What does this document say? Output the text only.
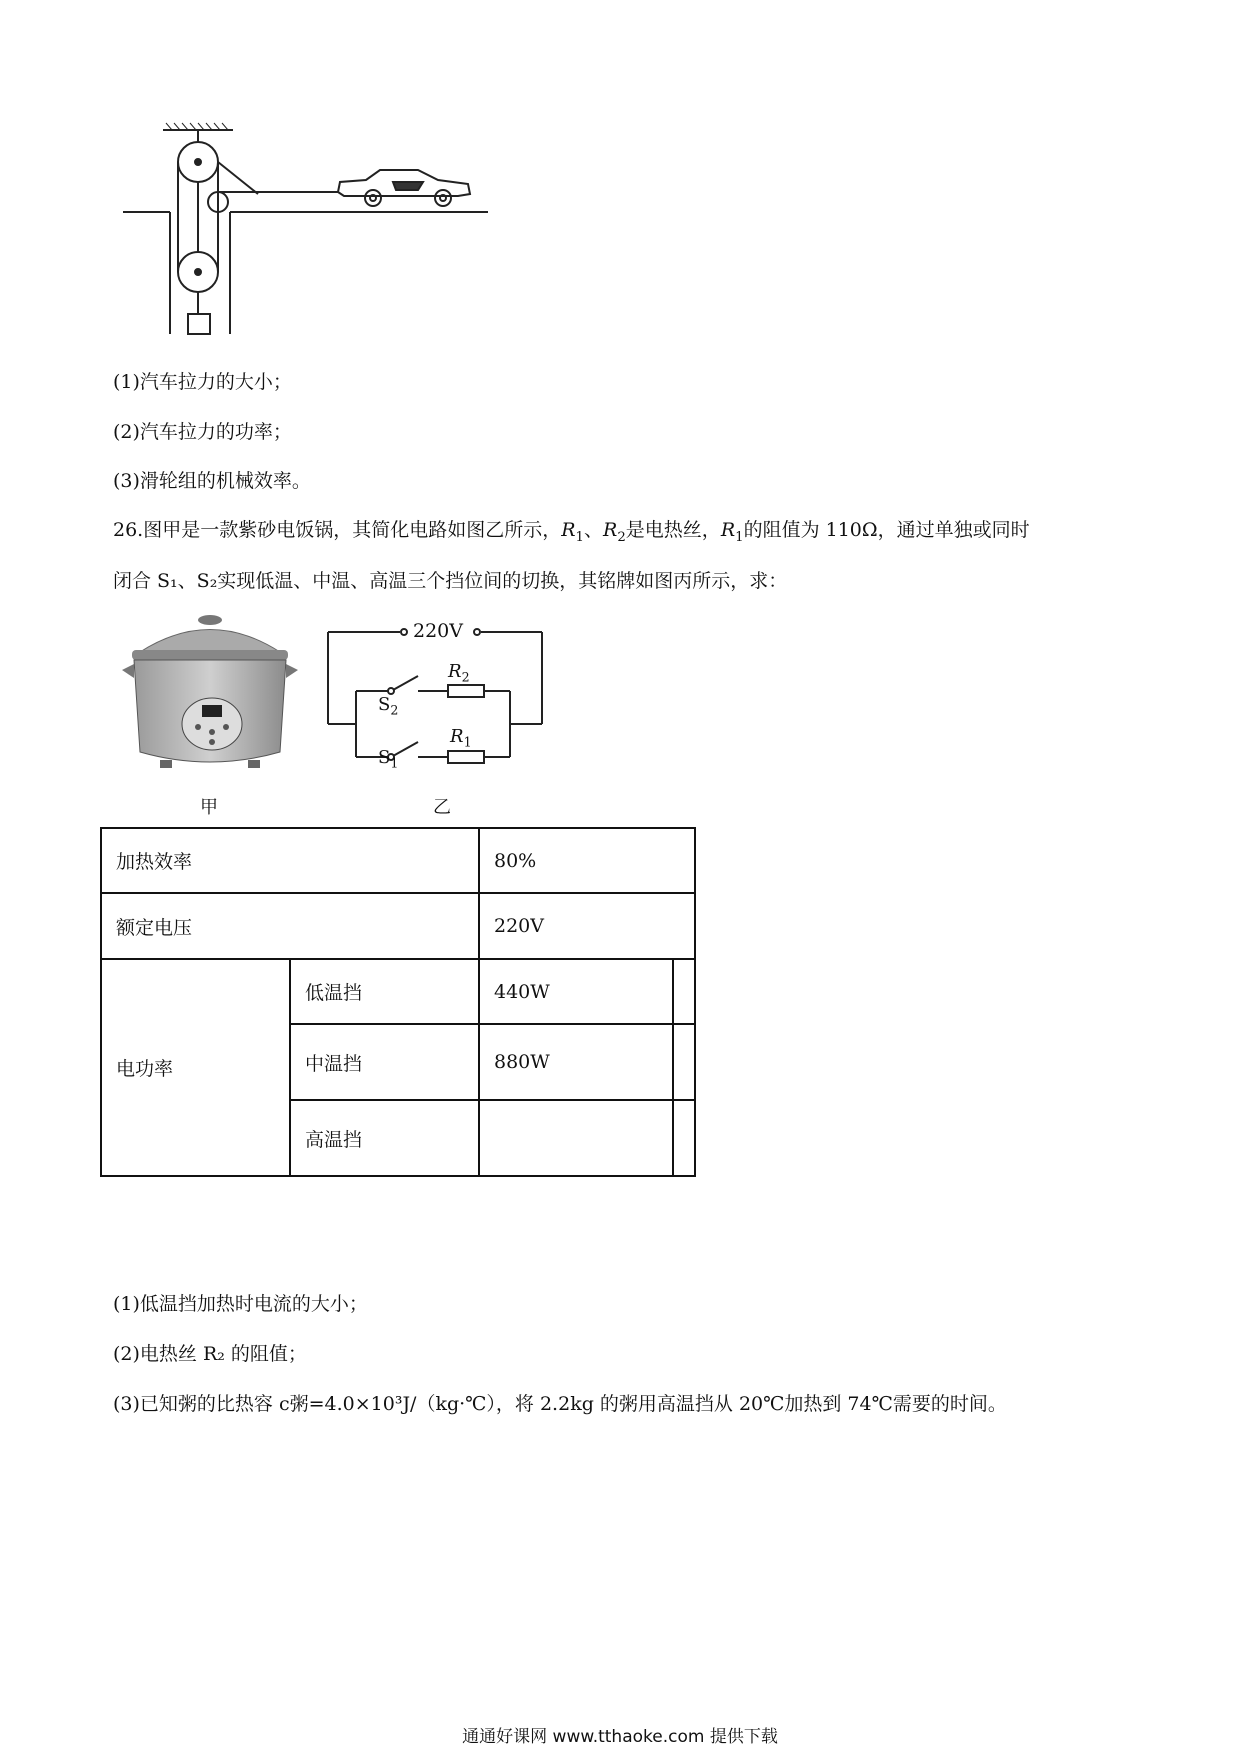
(1)汽车拉力的大小；
(2)汽车拉力的功率；
(3)滑轮组的机械效率。
26.图甲是一款紫砂电饭锅，其简化电路如图乙所示，$R_1$、$R_2$是电热丝，$R_1$的阻值为 110Ω，通过单独或同时
闭合 S₁、S₂实现低温、中温、高温三个挡位间的切换，其铭牌如图丙所示，求：
甲
220V
$R_2$
$S_2$
$R_1$
$S_1$
乙
加热效率		80%	
额定电压		220V	
电功率	低温挡	440W	
	中温挡	880W	
	高温挡		
(1)低温挡加热时电流的大小；
(2)电热丝 R₂ 的阻值；
(3)已知粥的比热容 c粥=4.0×10³J/（kg·℃），将 2.2kg 的粥用高温挡从 20℃加热到 74℃需要的时间。
通通好课网 www.tthaoke.com 提供下载
